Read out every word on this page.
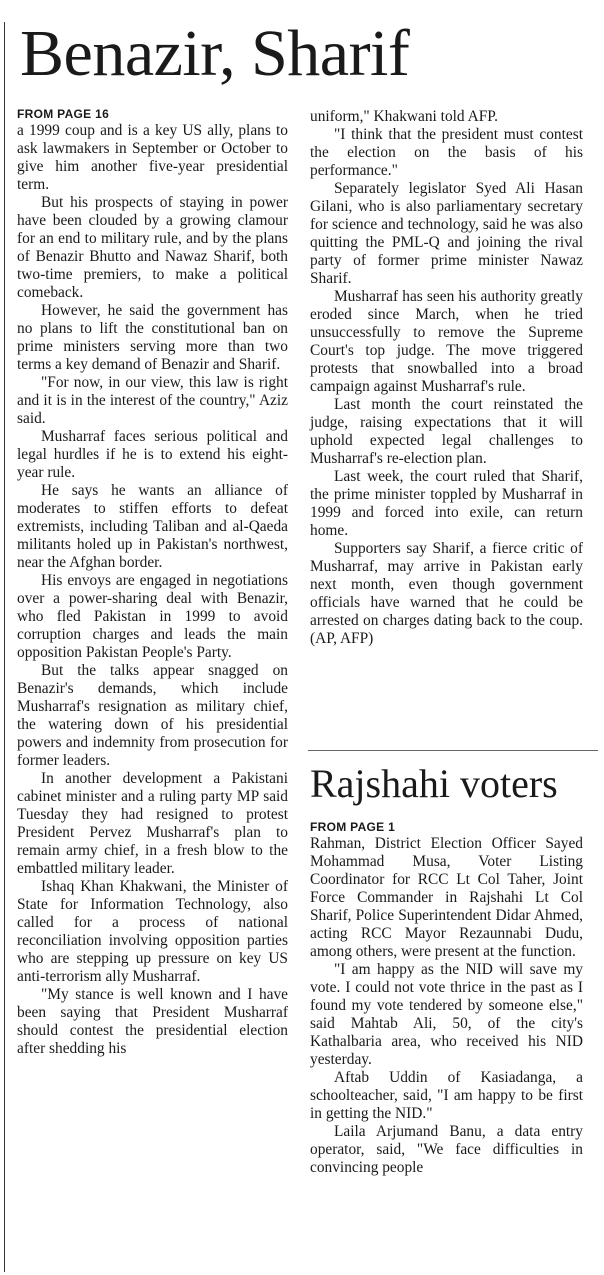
Benazir, Sharif
FROM PAGE 16

a 1999 coup and is a key US ally, plans to ask lawmakers in September or October to give him another five-year presidential term.

But his prospects of staying in power have been clouded by a growing clamour for an end to military rule, and by the plans of Benazir Bhutto and Nawaz Sharif, both two-time premiers, to make a political comeback.

However, he said the government has no plans to lift the constitutional ban on prime ministers serving more than two terms a key demand of Benazir and Sharif.

"For now, in our view, this law is right and it is in the interest of the country," Aziz said.

Musharraf faces serious political and legal hurdles if he is to extend his eight-year rule.

He says he wants an alliance of moderates to stiffen efforts to defeat extremists, including Taliban and al-Qaeda militants holed up in Pakistan's northwest, near the Afghan border.

His envoys are engaged in negotiations over a power-sharing deal with Benazir, who fled Pakistan in 1999 to avoid corruption charges and leads the main opposition Pakistan People's Party.

But the talks appear snagged on Benazir's demands, which include Musharraf's resignation as military chief, the watering down of his presidential powers and indemnity from prosecution for former leaders.

In another development a Pakistani cabinet minister and a ruling party MP said Tuesday they had resigned to protest President Pervez Musharraf's plan to remain army chief, in a fresh blow to the embattled military leader.

Ishaq Khan Khakwani, the Minister of State for Information Technology, also called for a process of national reconciliation involving opposition parties who are stepping up pressure on key US anti-terrorism ally Musharraf.

"My stance is well known and I have been saying that President Musharraf should contest the presidential election after shedding his

uniform," Khakwani told AFP.

"I think that the president must contest the election on the basis of his performance."

Separately legislator Syed Ali Hasan Gilani, who is also parliamentary secretary for science and technology, said he was also quitting the PML-Q and joining the rival party of former prime minister Nawaz Sharif.

Musharraf has seen his authority greatly eroded since March, when he tried unsuccessfully to remove the Supreme Court's top judge. The move triggered protests that snowballed into a broad campaign against Musharraf's rule.

Last month the court reinstated the judge, raising expectations that it will uphold expected legal challenges to Musharraf's re-election plan.

Last week, the court ruled that Sharif, the prime minister toppled by Musharraf in 1999 and forced into exile, can return home.

Supporters say Sharif, a fierce critic of Musharraf, may arrive in Pakistan early next month, even though government officials have warned that he could be arrested on charges dating back to the coup. (AP, AFP)

Rajshahi voters
FROM PAGE 1

Rahman, District Election Officer Sayed Mohammad Musa, Voter Listing Coordinator for RCC Lt Col Taher, Joint Force Commander in Rajshahi Lt Col Sharif, Police Superintendent Didar Ahmed, acting RCC Mayor Rezaunnabi Dudu, among others, were present at the function.

"I am happy as the NID will save my vote. I could not vote thrice in the past as I found my vote tendered by someone else," said Mahtab Ali, 50, of the city's Kathalbaria area, who received his NID yesterday.

Aftab Uddin of Kasiadanga, a schoolteacher, said, "I am happy to be first in getting the NID."

Laila Arjumand Banu, a data entry operator, said, "We face difficulties in convincing people
